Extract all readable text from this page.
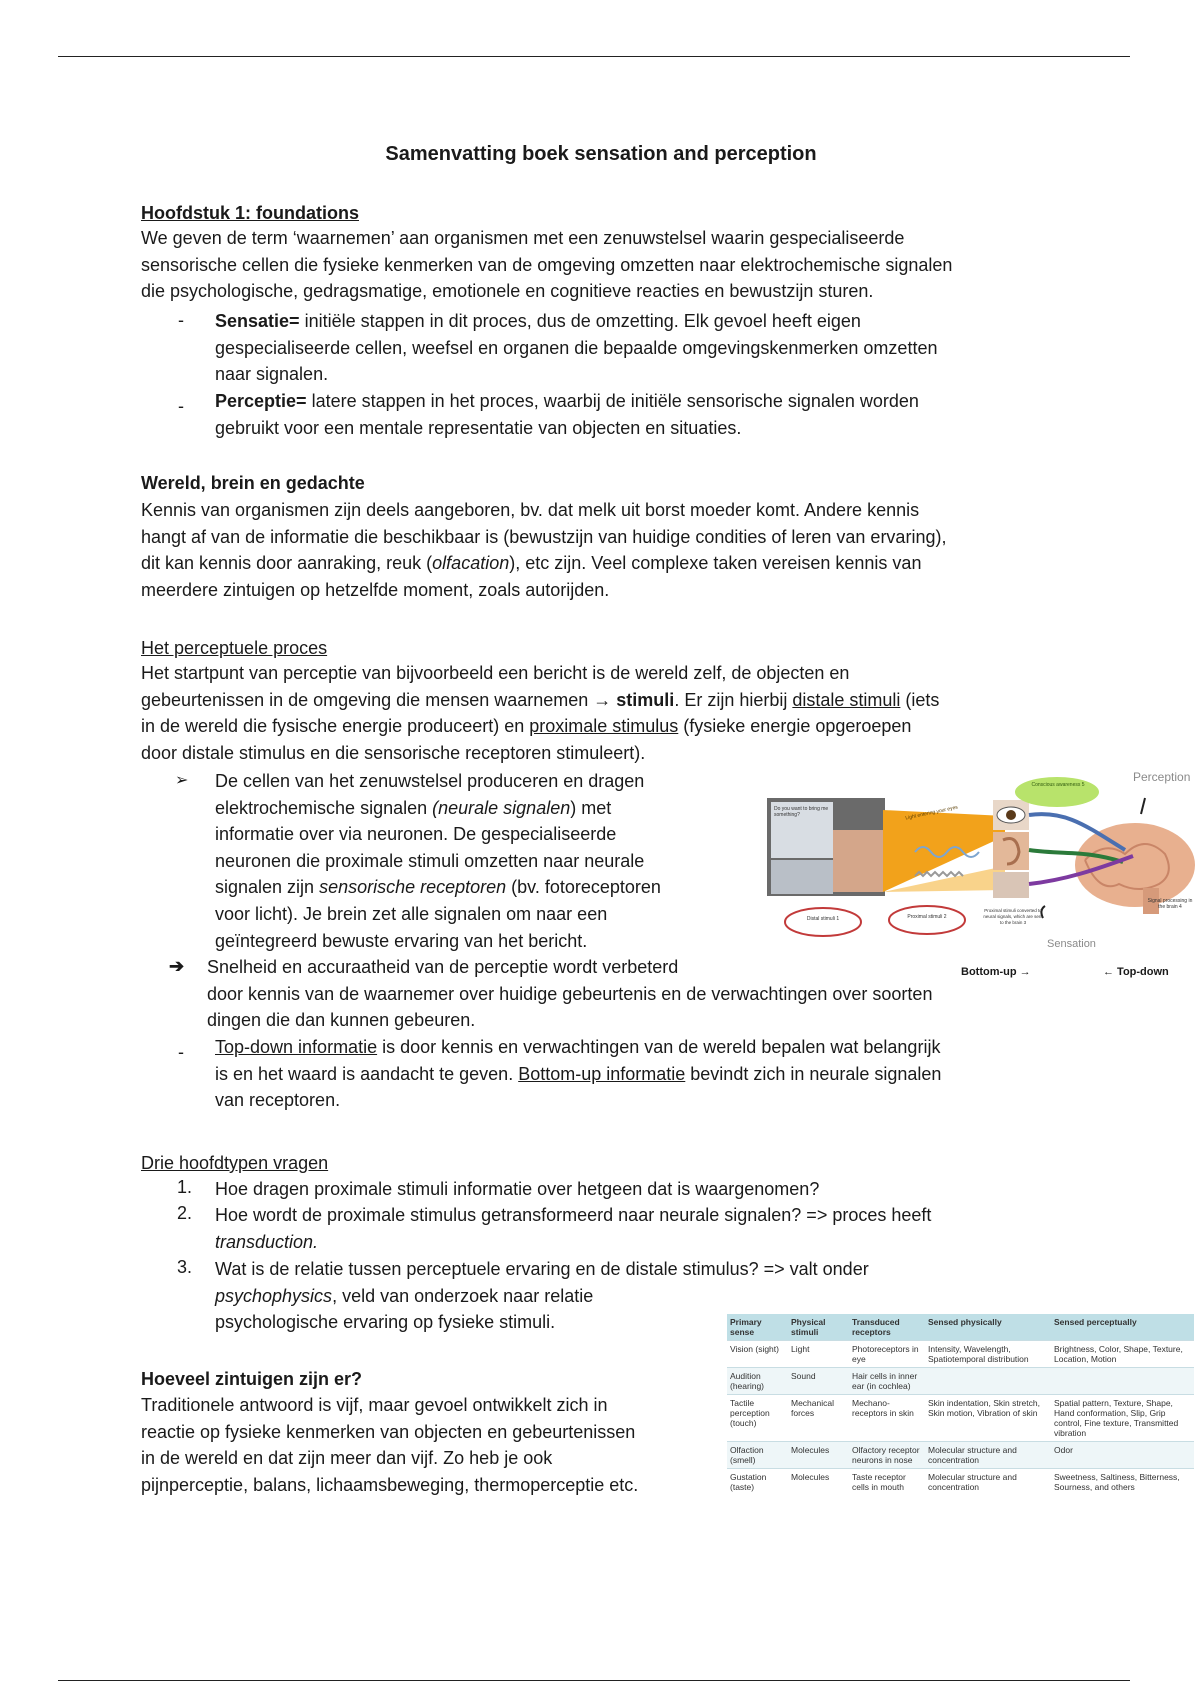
Samenvatting boek sensation and perception
Hoofdstuk 1: foundations
We geven de term ‘waarnemen’ aan organismen met een zenuwstelsel waarin gespecialiseerde
sensorische cellen die fysieke kenmerken van de omgeving omzetten naar elektrochemische signalen
die psychologische, gedragsmatige, emotionele en cognitieve reacties en bewustzijn sturen.
- Sensatie= initiële stappen in dit proces, dus de omzetting. Elk gevoel heeft eigen
gespecialiseerde cellen, weefsel en organen die bepaalde omgevingskenmerken omzetten
naar signalen.
- Perceptie= latere stappen in het proces, waarbij de initiële sensorische signalen worden
gebruikt voor een mentale representatie van objecten en situaties.
Wereld, brein en gedachte
Kennis van organismen zijn deels aangeboren, bv. dat melk uit borst moeder komt. Andere kennis
hangt af van de informatie die beschikbaar is (bewustzijn van huidige condities of leren van ervaring),
dit kan kennis door aanraking, reuk (olfacation), etc zijn. Veel complexe taken vereisen kennis van
meerdere zintuigen op hetzelfde moment, zoals autorijden.
Het perceptuele proces
Het startpunt van perceptie van bijvoorbeeld een bericht is de wereld zelf, de objecten en
gebeurtenissen in de omgeving die mensen waarnemen → stimuli. Er zijn hierbij distale stimuli (iets
in de wereld die fysische energie produceert) en proximale stimulus (fysieke energie opgeroepen
door distale stimulus en die sensorische receptoren stimuleert).
➢ De cellen van het zenuwstelsel produceren en dragen
elektrochemische signalen (neurale signalen) met
informatie over via neuronen. De gespecialiseerde
neuronen die proximale stimuli omzetten naar neurale
signalen zijn sensorische receptoren (bv. fotoreceptoren
voor licht). Je brein zet alle signalen om naar een
geïntegreerd bewuste ervaring van het bericht.
➔ Snelheid en accuraatheid van de perceptie wordt verbeterd
door kennis van de waarnemer over huidige gebeurtenis en de verwachtingen over soorten
dingen die dan kunnen gebeuren.
- Top-down informatie is door kennis en verwachtingen van de wereld bepalen wat belangrijk
is en het waard is aandacht te geven. Bottom-up informatie bevindt zich in neurale signalen
van receptoren.
Drie hoofdtypen vragen
1. Hoe dragen proximale stimuli informatie over hetgeen dat is waargenomen?
2. Hoe wordt de proximale stimulus getransformeerd naar neurale signalen? => proces heeft
transduction.
3. Wat is de relatie tussen perceptuele ervaring en de distale stimulus? => valt onder
psychophysics, veld van onderzoek naar relatie
psychologische ervaring op fysieke stimuli.
Hoeveel zintuigen zijn er?
Traditionele antwoord is vijf, maar gevoel ontwikkelt zich in
reactie op fysieke kenmerken van objecten en gebeurtenissen
in de wereld en dat zijn meer dan vijf. Zo heb je ook
pijnperceptie, balans, lichaamsbeweging, thermoperceptie etc.
Perception
Conscious awareness 5
Do you want to bring me something?	Light entering your eyes
Distal stimuli 1	Proximal stimuli 2
Proximal stimuli converted to neural signals, which are sent to the brain 3
Signal processing in the brain 4
Sensation
Bottom-up →	← Top-down
Primary sense	Physical stimuli	Transduced receptors	Sensed physically	Sensed perceptually
Vision (sight)	Light	Photoreceptors in eye	Intensity, Wavelength, Spatiotemporal distribution	Brightness, Color, Shape, Texture, Location, Motion
Audition (hearing)	Sound	Hair cells in inner ear (in cochlea)		
Tactile perception (touch)	Mechanical forces	Mechano-receptors in skin	Skin indentation, Skin stretch, Skin motion, Vibration of skin	Spatial pattern, Texture, Shape, Hand conformation, Slip, Grip control, Fine texture, Transmitted vibration
Olfaction (smell)	Molecules	Olfactory receptor neurons in nose	Molecular structure and concentration	Odor
Gustation (taste)	Molecules	Taste receptor cells in mouth	Molecular structure and concentration	Sweetness, Saltiness, Bitterness, Sourness, and others
